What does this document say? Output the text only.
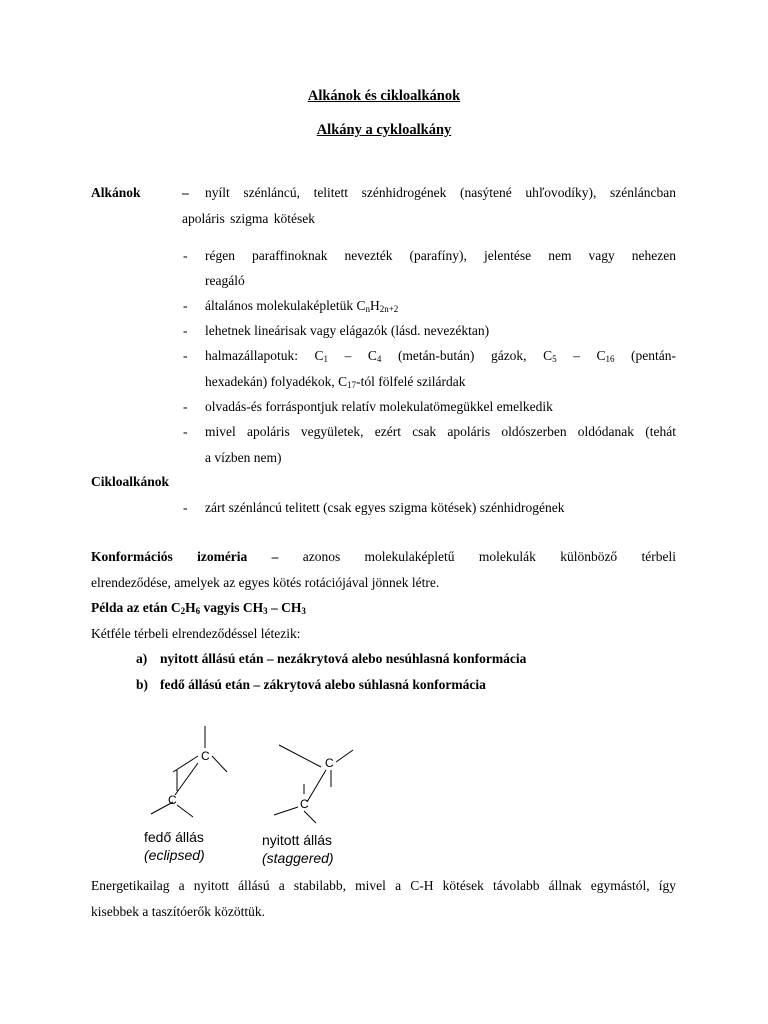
Alkánok és cikloalkánok
Alkány a cykloalkány
Alkánok	– nyílt szénláncú, telitett szénhidrogének (nasýtené uhľovodíky), szénláncban
apoláris szigma kötések
- régen paraffinoknak nevezték (parafíny), jelentése nem vagy nehezen
reagáló
- általános molekulaképletük $C_nH_{2n+2}$
- lehetnek lineárisak vagy elágazók (lásd. nevezéktan)
- halmazállapotuk: $C_1 - C_4$ (metán-bután) gázok, $C_5 - C_{16}$ (pentán-
hexadekán) folyadékok, $C_{17}$-tól fölfelé szilárdak
- olvadás-és forráspontjuk relatív molekulatömegükkel emelkedik
- mivel apoláris vegyületek, ezért csak apoláris oldószerben oldódanak (tehát
a vízben nem)
Cikloalkánok
- zárt szénláncú telitett (csak egyes szigma kötések) szénhidrogének
Konformációs izoméria – azonos molekulaképletű molekulák különböző térbeli
elrendeződése, amelyek az egyes kötés rotációjával jönnek létre.
Példa az etán $C_2H_6$ vagyis $CH_3 - CH_3$
Kétféle térbeli elrendeződéssel létezik:
a) nyitott állású etán – nezákrytová alebo nesúhlasná konformácia
b) fedő állású etán – zákrytová alebo súhlasná konformácia
C
C
C
C
fedő állás
(eclipsed)
nyitott állás
(staggered)
Energetikailag a nyitott állású a stabilabb, mivel a C-H kötések távolabb állnak egymástól, így
kisebbek a taszítóerők közöttük.
